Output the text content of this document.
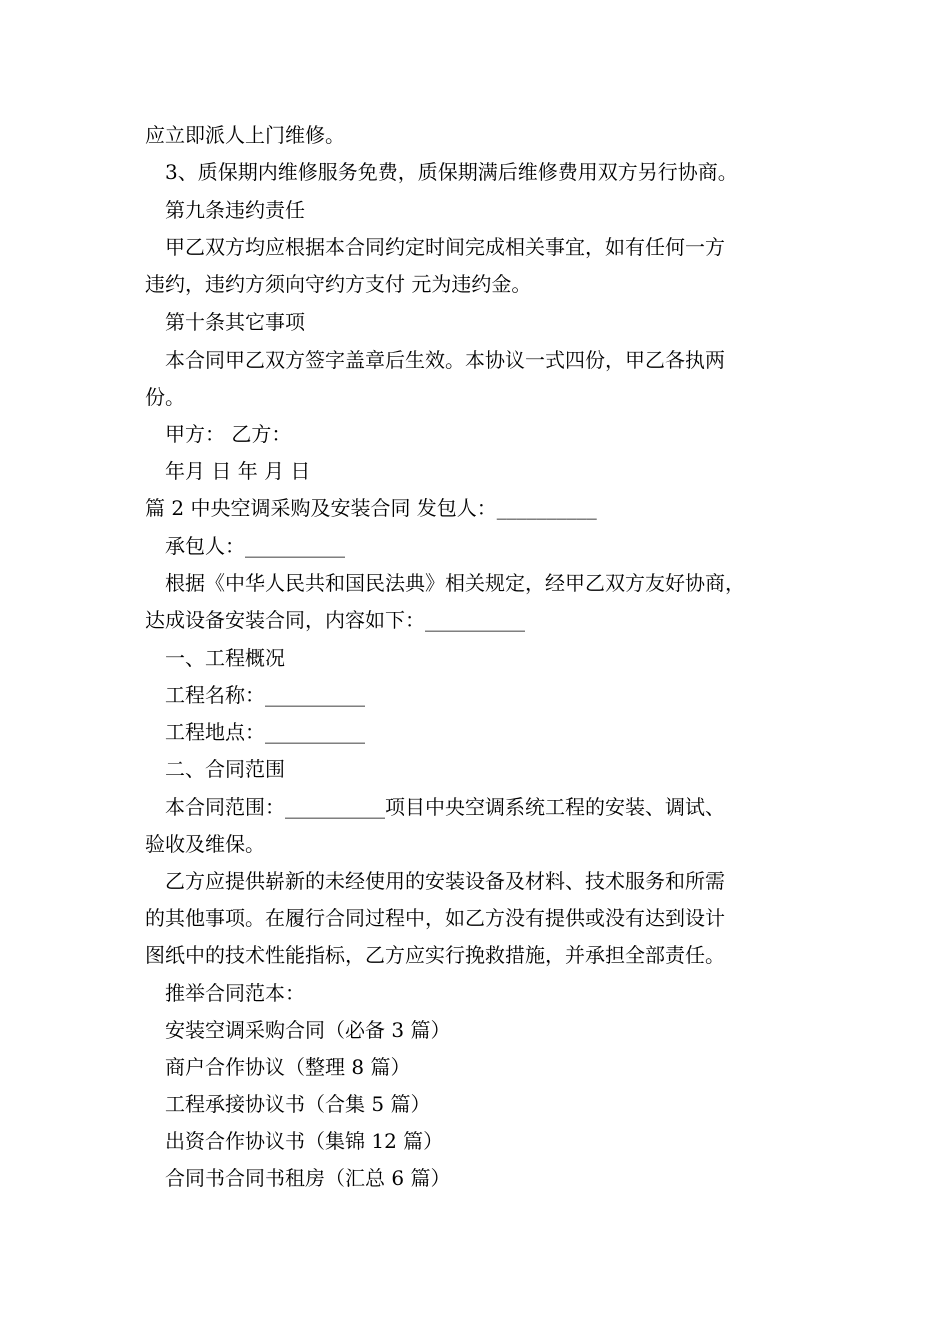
应立即派人上门维修。
3、质保期内维修服务免费，质保期满后维修费用双方另行协商。
第九条违约责任
甲乙双方均应根据本合同约定时间完成相关事宜，如有任何一方
违约，违约方须向守约方支付 元为违约金。
第十条其它事项
本合同甲乙双方签字盖章后生效。本协议一式四份，甲乙各执两
份。
甲方： 乙方：
年月 日 年 月 日
篇 2 中央空调采购及安装合同 发包人：__________
承包人：__________
根据《中华人民共和国民法典》相关规定，经甲乙双方友好协商，
达成设备安装合同，内容如下：__________
一、工程概况
工程名称：__________
工程地点：__________
二、合同范围
本合同范围：__________项目中央空调系统工程的安装、调试、
验收及维保。
乙方应提供崭新的未经使用的安装设备及材料、技术服务和所需
的其他事项。在履行合同过程中，如乙方没有提供或没有达到设计
图纸中的技术性能指标，乙方应实行挽救措施，并承担全部责任。
推举合同范本：
安装空调采购合同（必备 3 篇）
商户合作协议（整理 8 篇）
工程承接协议书（合集 5 篇）
出资合作协议书（集锦 12 篇）
合同书合同书租房（汇总 6 篇）
